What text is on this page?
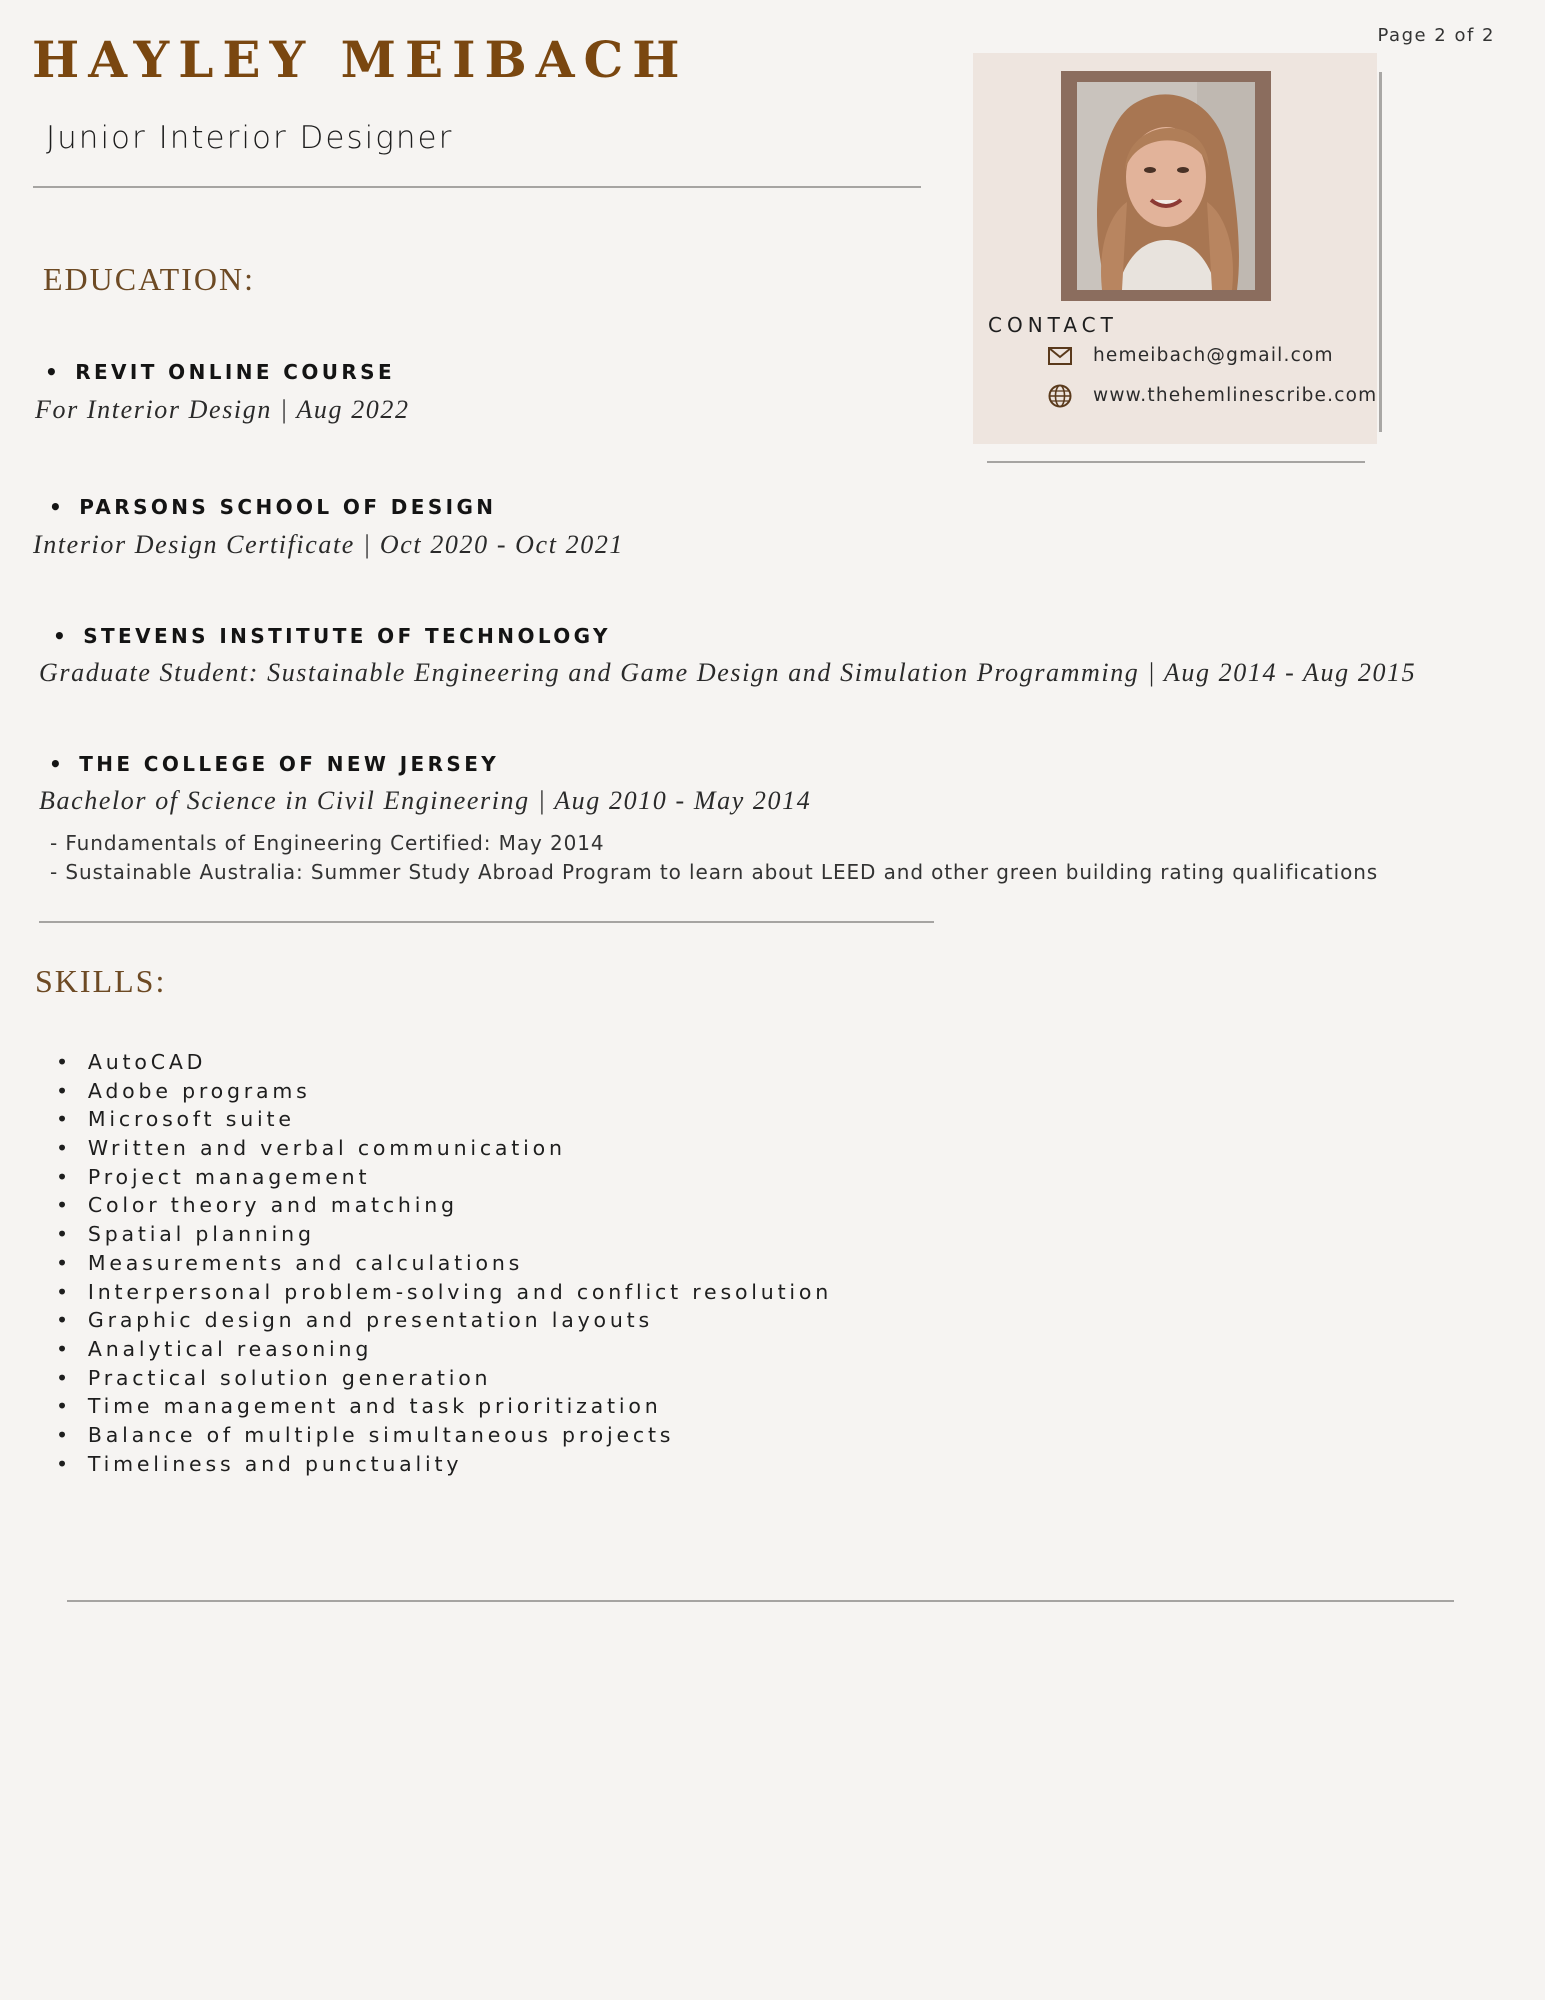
HAYLEY MEIBACH
Junior Interior Designer
Page 2 of 2
CONTACT
hemeibach@gmail.com
www.thehemlinescribe.com
EDUCATION:
• REVIT ONLINE COURSE
For Interior Design | Aug 2022
• PARSONS SCHOOL OF DESIGN
Interior Design Certificate | Oct 2020 - Oct 2021
• STEVENS INSTITUTE OF TECHNOLOGY
Graduate Student: Sustainable Engineering and Game Design and Simulation Programming | Aug 2014 - Aug 2015
• THE COLLEGE OF NEW JERSEY
Bachelor of Science in Civil Engineering | Aug 2010 - May 2014
- Fundamentals of Engineering Certified: May 2014
- Sustainable Australia: Summer Study Abroad Program to learn about LEED and other green building rating qualifications
SKILLS:
• AutoCAD
• Adobe programs
• Microsoft suite
• Written and verbal communication
• Project management
• Color theory and matching
• Spatial planning
• Measurements and calculations
• Interpersonal problem-solving and conflict resolution
• Graphic design and presentation layouts
• Analytical reasoning
• Practical solution generation
• Time management and task prioritization
• Balance of multiple simultaneous projects
• Timeliness and punctuality
